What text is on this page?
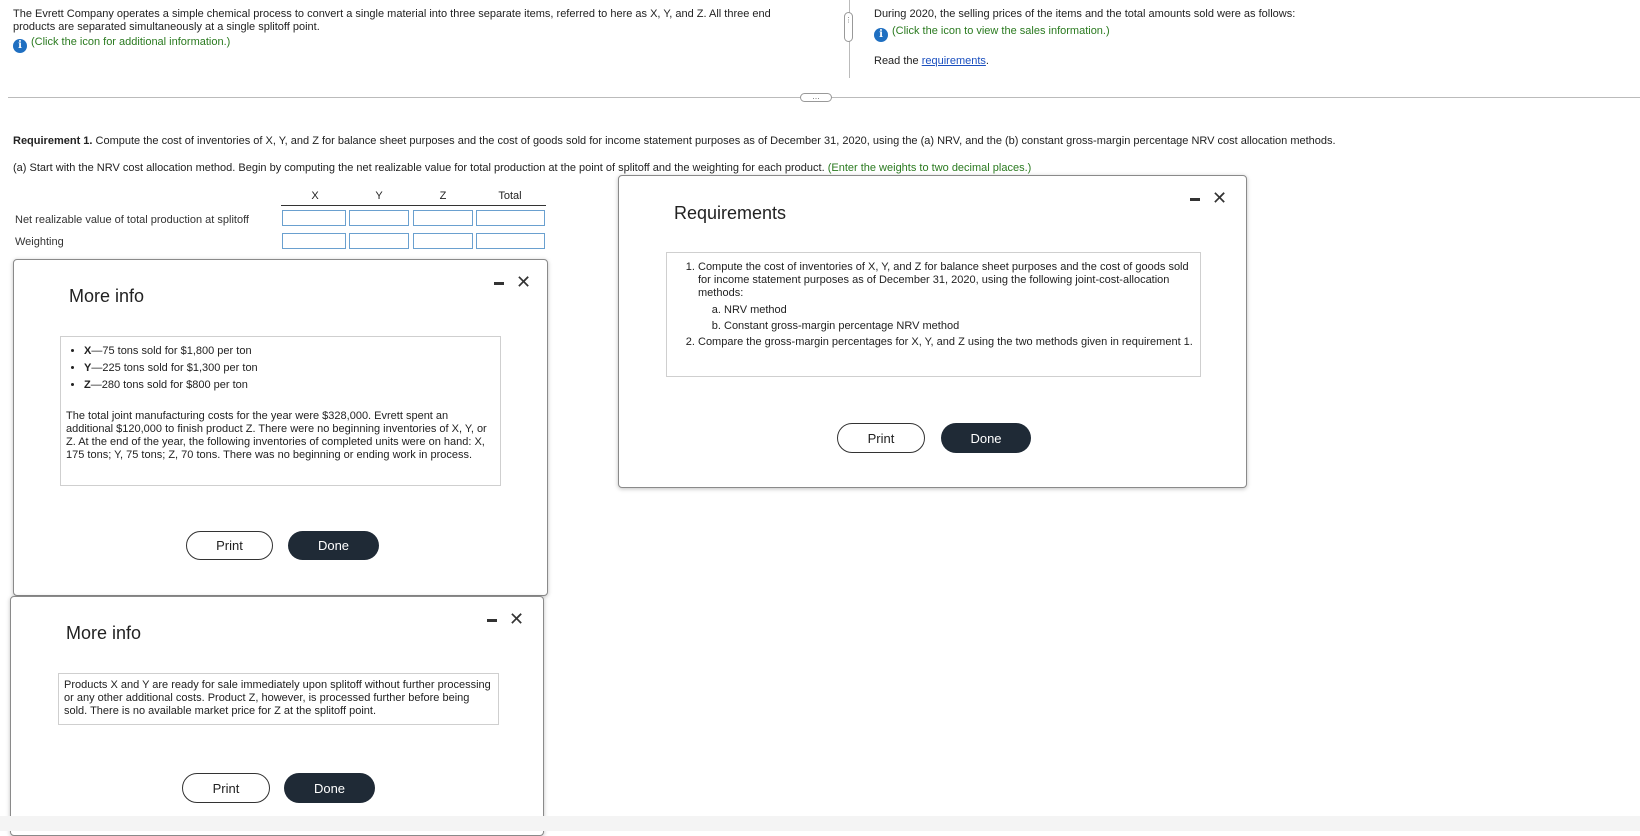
The Evrett Company operates a simple chemical process to convert a single material into three separate items, referred to here as X, Y, and Z. All three end products are separated simultaneously at a single splitoff point.
i (Click the icon for additional information.)
⋮
During 2020, the selling prices of the items and the total amounts sold were as follows:
i (Click the icon to view the sales information.)
Read the requirements.
…
Requirement 1. Compute the cost of inventories of X, Y, and Z for balance sheet purposes and the cost of goods sold for income statement purposes as of December 31, 2020, using the (a) NRV, and the (b) constant gross-margin percentage NRV cost allocation methods.
(a) Start with the NRV cost allocation method. Begin by computing the net realizable value for total production at the point of splitoff and the weighting for each product. (Enter the weights to two decimal places.)
X	Y	Z	Total
Net realizable value of total production at splitoff
Weighting
More info
✕
• X—75 tons sold for $1,800 per ton
• Y—225 tons sold for $1,300 per ton
• Z—280 tons sold for $800 per ton
The total joint manufacturing costs for the year were $328,000. Evrett spent an additional $120,000 to finish product Z. There were no beginning inventories of X, Y, or Z. At the end of the year, the following inventories of completed units were on hand: X, 175 tons; Y, 75 tons; Z, 70 tons. There was no beginning or ending work in process.
Print	Done
More info
✕
Products X and Y are ready for sale immediately upon splitoff without further processing or any other additional costs. Product Z, however, is processed further before being sold. There is no available market price for Z at the splitoff point.
Print	Done
Requirements
✕
1. Compute the cost of inventories of X, Y, and Z for balance sheet purposes and the cost of goods sold for income statement purposes as of December 31, 2020, using the following joint-cost-allocation methods:
a. NRV method
b. Constant gross-margin percentage NRV method
2. Compare the gross-margin percentages for X, Y, and Z using the two methods given in requirement 1.
Print	Done
